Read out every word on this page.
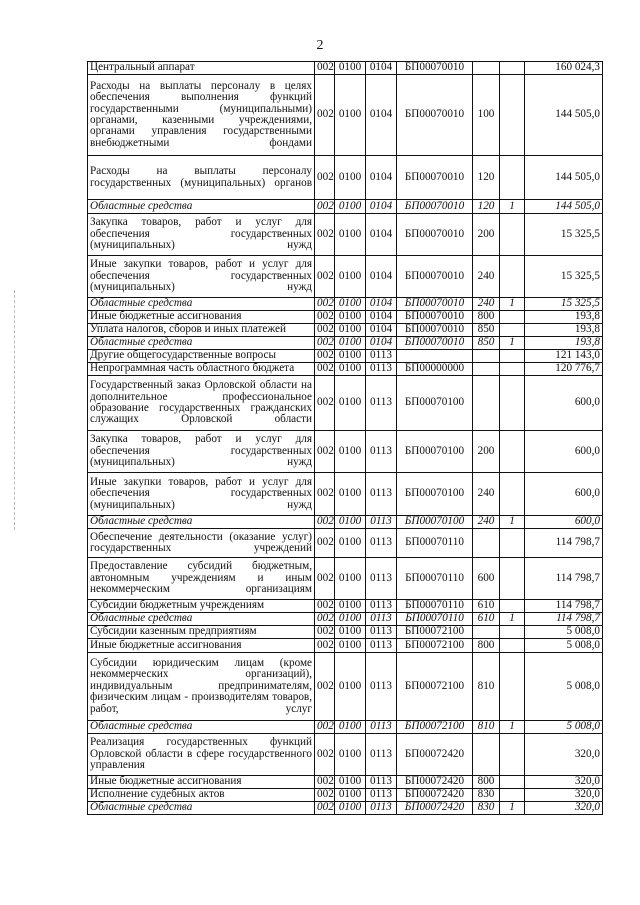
2
Центральный аппарат	002	0100	0104	БП00070010			160 024,3
Расходы на выплаты персоналу в целях обеспечения выполнения функций государственными (муниципальными) органами, казенными учреждениями, органами управления государственными внебюджетными фондами	002	0100	0104	БП00070010	100		144 505,0
Расходы на выплаты персоналу государственных (муниципальных) органов	002	0100	0104	БП00070010	120		144 505,0
Областные средства	002	0100	0104	БП00070010	120	1	144 505,0
Закупка товаров, работ и услуг для обеспечения государственных (муниципальных) нужд	002	0100	0104	БП00070010	200		15 325,5
Иные закупки товаров, работ и услуг для обеспечения государственных (муниципальных) нужд	002	0100	0104	БП00070010	240		15 325,5
Областные средства	002	0100	0104	БП00070010	240	1	15 325,5
Иные бюджетные ассигнования	002	0100	0104	БП00070010	800		193,8
Уплата налогов, сборов и иных платежей	002	0100	0104	БП00070010	850		193,8
Областные средства	002	0100	0104	БП00070010	850	1	193,8
Другие общегосударственные вопросы	002	0100	0113				121 143,0
Непрограммная часть областного бюджета	002	0100	0113	БП00000000			120 776,7
Государственный заказ Орловской области на дополнительное профессиональное образование государственных гражданских служащих Орловской области	002	0100	0113	БП00070100			600,0
Закупка товаров, работ и услуг для обеспечения государственных (муниципальных) нужд	002	0100	0113	БП00070100	200		600,0
Иные закупки товаров, работ и услуг для обеспечения государственных (муниципальных) нужд	002	0100	0113	БП00070100	240		600,0
Областные средства	002	0100	0113	БП00070100	240	1	600,0
Обеспечение деятельности (оказание услуг) государственных учреждений	002	0100	0113	БП00070110			114 798,7
Предоставление субсидий бюджетным, автономным учреждениям и иным некоммерческим организациям	002	0100	0113	БП00070110	600		114 798,7
Субсидии бюджетным учреждениям	002	0100	0113	БП00070110	610		114 798,7
Областные средства	002	0100	0113	БП00070110	610	1	114 798,7
Субсидии казенным предприятиям	002	0100	0113	БП00072100			5 008,0
Иные бюджетные ассигнования	002	0100	0113	БП00072100	800		5 008,0
Субсидии юридическим лицам (кроме некоммерческих организаций), индивидуальным предпринимателям, физическим лицам - производителям товаров, работ, услуг	002	0100	0113	БП00072100	810		5 008,0
Областные средства	002	0100	0113	БП00072100	810	1	5 008,0
Реализация государственных функций Орловской области в сфере государственного управления	002	0100	0113	БП00072420			320,0
Иные бюджетные ассигнования	002	0100	0113	БП00072420	800		320,0
Исполнение судебных актов	002	0100	0113	БП00072420	830		320,0
Областные средства	002	0100	0113	БП00072420	830	1	320,0
